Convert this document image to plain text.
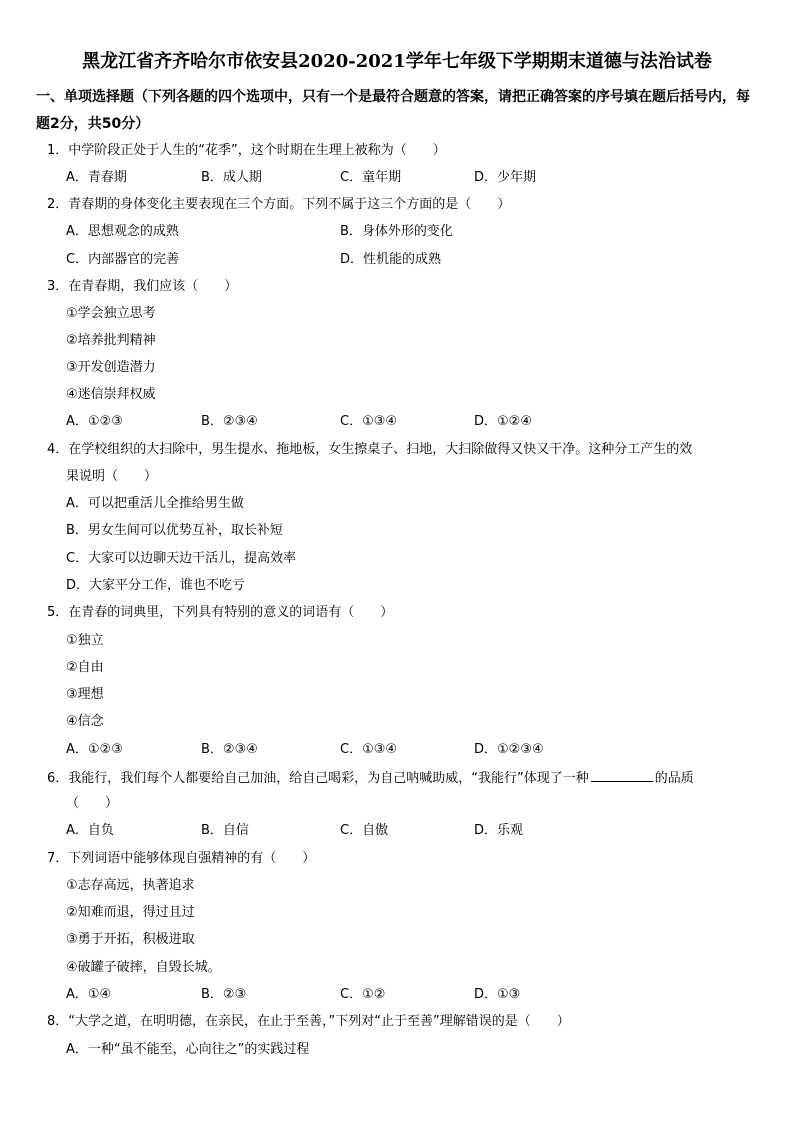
黑龙江省齐齐哈尔市依安县2020-2021学年七年级下学期期末道德与法治试卷
一、单项选择题（下列各题的四个选项中，只有一个是最符合题意的答案，请把正确答案的序号填在题后括号内，每题2分，共50分）
1．中学阶段正处于人生的“花季”，这个时期在生理上被称为（　　）
A．青春期	B．成人期	C．童年期	D．少年期
2．青春期的身体变化主要表现在三个方面。下列不属于这三个方面的是（　　）
A．思想观念的成熟	B．身体外形的变化
C．内部器官的完善	D．性机能的成熟
3．在青春期，我们应该（　　）
①学会独立思考
②培养批判精神
③开发创造潜力
④迷信崇拜权威
A．①②③	B．②③④	C．①③④	D．①②④
4．在学校组织的大扫除中，男生提水、拖地板，女生擦桌子、扫地，大扫除做得又快又干净。这种分工产生的效
果说明（　　）
A．可以把重活儿全推给男生做
B．男女生间可以优势互补，取长补短
C．大家可以边聊天边干活儿，提高效率
D．大家平分工作，谁也不吃亏
5．在青春的词典里，下列具有特别的意义的词语有（　　）
①独立
②自由
③理想
④信念
A．①②③	B．②③④	C．①③④	D．①②③④
6．我能行，我们每个人都要给自己加油，给自己喝彩，为自己呐喊助威，“我能行”体现了一种	的品质
（　　）
A．自负	B．自信	C．自傲	D．乐观
7．下列词语中能够体现自强精神的有（　　）
①志存高远，执著追求
②知难而退，得过且过
③勇于开拓，积极进取
④破罐子破摔，自毁长城。
A．①④	B．②③	C．①②	D．①③
8．“大学之道，在明明德，在亲民，在止于至善，”下列对“止于至善”理解错误的是（　　）
A．一种“虽不能至，心向往之”的实践过程
